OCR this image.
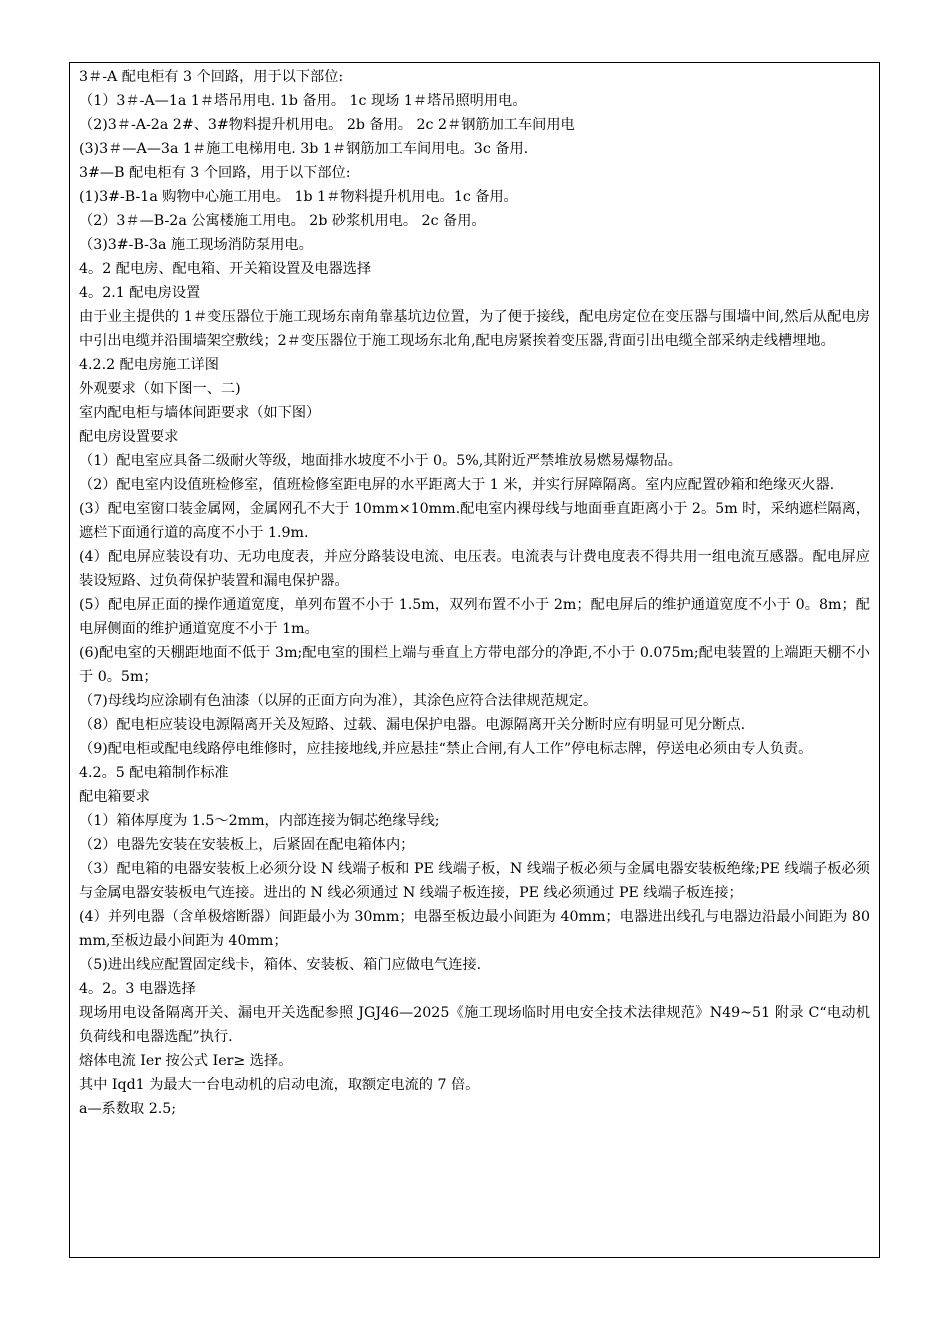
3＃-A 配电柜有 3 个回路，用于以下部位:

（1）3＃-A—1a 1＃塔吊用电. 1b 备用。 1c 现场 1＃塔吊照明用电。

（2)3＃-A-2a 2#、3#物料提升机用电。 2b 备用。 2c 2＃钢筋加工车间用电

(3)3＃—A—3a 1＃施工电梯用电. 3b 1＃钢筋加工车间用电。3c 备用.

3#—B 配电柜有 3 个回路，用于以下部位:

(1)3#-B-1a 购物中心施工用电。 1b 1＃物料提升机用电。1c 备用。

（2）3＃—B-2a 公寓楼施工用电。 2b 砂浆机用电。 2c 备用。

（3)3#-B-3a 施工现场消防泵用电。

4。2 配电房、配电箱、开关箱设置及电器选择

4。2.1 配电房设置

由于业主提供的 1＃变压器位于施工现场东南角靠基坑边位置，为了便于接线，配电房定位在变压器与围墙中间,然后从配电房中引出电缆并沿围墙架空敷线；2＃变压器位于施工现场东北角,配电房紧挨着变压器,背面引出电缆全部采纳走线槽埋地。

4.2.2 配电房施工详图

外观要求（如下图一、二)

室内配电柜与墙体间距要求（如下图）

配电房设置要求

（1）配电室应具备二级耐火等级，地面排水坡度不小于 0。5%,其附近严禁堆放易燃易爆物品。

（2）配电室内设值班检修室，值班检修室距电屏的水平距离大于 1 米，并实行屏障隔离。室内应配置砂箱和绝缘灭火器.

(3）配电室窗口装金属网，金属网孔不大于 10mm×10mm.配电室内裸母线与地面垂直距离小于 2。5m 时，采纳遮栏隔离，遮栏下面通行道的高度不小于 1.9m.

(4）配电屏应装设有功、无功电度表，并应分路装设电流、电压表。电流表与计费电度表不得共用一组电流互感器。配电屏应装设短路、过负荷保护装置和漏电保护器。

(5）配电屏正面的操作通道宽度，单列布置不小于 1.5m，双列布置不小于 2m；配电屏后的维护通道宽度不小于 0。8m；配电屏侧面的维护通道宽度不小于 1m。

(6)配电室的天棚距地面不低于 3m;配电室的围栏上端与垂直上方带电部分的净距,不小于 0.075m;配电装置的上端距天棚不小于 0。5m；

（7)母线均应涂刷有色油漆（以屏的正面方向为准），其涂色应符合法律规范规定。

（8）配电柜应装设电源隔离开关及短路、过载、漏电保护电器。电源隔离开关分断时应有明显可见分断点.

（9)配电柜或配电线路停电维修时，应挂接地线,并应悬挂“禁止合闸,有人工作”停电标志牌，停送电必须由专人负责。

4.2。5 配电箱制作标准

配电箱要求

（1）箱体厚度为 1.5～2mm，内部连接为铜芯绝缘导线;

（2）电器先安装在安装板上，后紧固在配电箱体内；

（3）配电箱的电器安装板上必须分设 N 线端子板和 PE 线端子板，N 线端子板必须与金属电器安装板绝缘;PE 线端子板必须与金属电器安装板电气连接。进出的 N 线必须通过 N 线端子板连接，PE 线必须通过 PE 线端子板连接；

(4）并列电器（含单极熔断器）间距最小为 30mm；电器至板边最小间距为 40mm；电器进出线孔与电器边沿最小间距为 80mm,至板边最小间距为 40mm；

（5)进出线应配置固定线卡，箱体、安装板、箱门应做电气连接.

4。2。3 电器选择

现场用电设备隔离开关、漏电开关选配参照 JGJ46—2025《施工现场临时用电安全技术法律规范》N49~51 附录 C“电动机负荷线和电器选配”执行.

熔体电流 Ier 按公式 Ier≥ 选择。

其中 Iqd1 为最大一台电动机的启动电流，取额定电流的 7 倍。

a—系数取 2.5;
